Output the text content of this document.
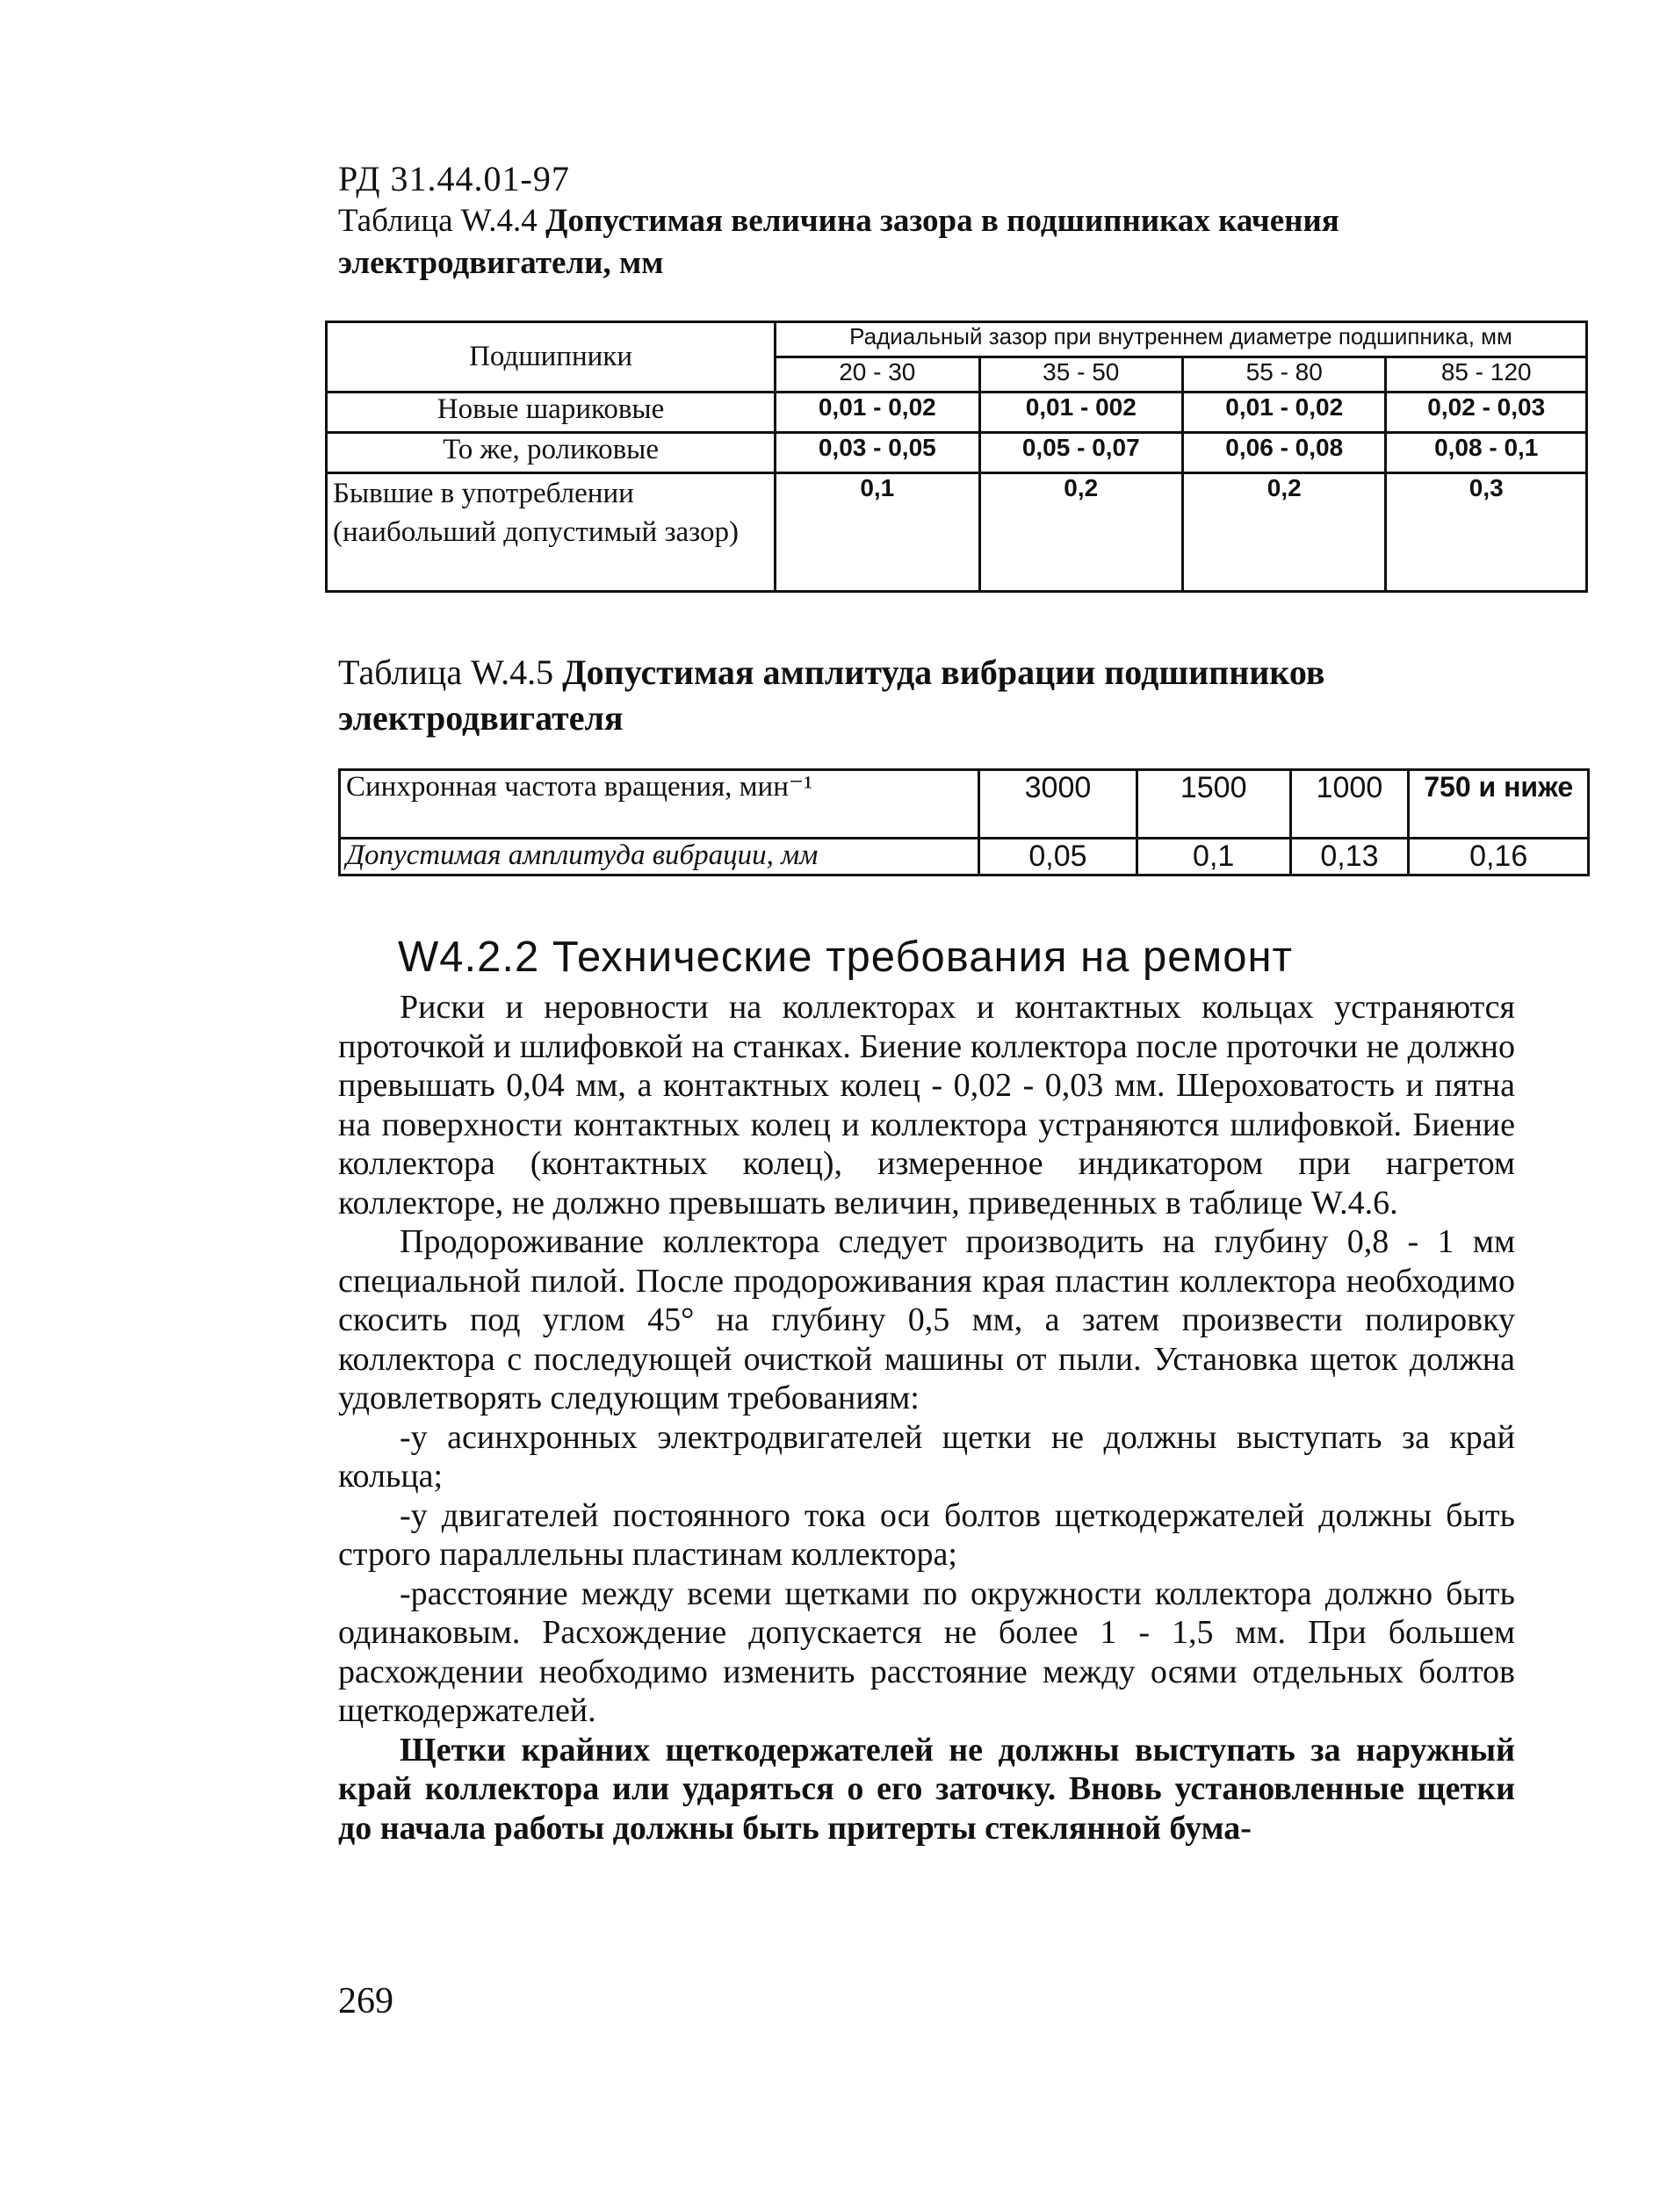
РД 31.44.01-97
Таблица W.4.4 Допустимая величина зазора в подшипниках качения электродвигатели, мм
Подшипники	Радиальный зазор при внутреннем диаметре подшипника, мм			
	20 - 30	35 - 50	55 - 80	85 - 120
Новые шариковые	0,01 - 0,02	0,01 - 002	0,01 - 0,02	0,02 - 0,03
То же, роликовые	0,03 - 0,05	0,05 - 0,07	0,06 - 0,08	0,08 - 0,1
Бывшие в употреблении (наибольший допустимый зазор)	0,1	0,2	0,2	0,3
Таблица W.4.5 Допустимая амплитуда вибрации подшипников электродвигателя
Синхронная частота вращения, мин⁻¹	3000	1500	1000	750 и ниже
Допустимая амплитуда вибрации, мм	0,05	0,1	0,13	0,16
W4.2.2 Технические требования на ремонт

Риски и неровности на коллекторах и контактных кольцах устраняются проточкой и шлифовкой на станках. Биение коллектора после проточки не должно превышать 0,04 мм, а контактных колец - 0,02 - 0,03 мм. Шероховатость и пятна на поверхности контактных колец и коллектора устраняются шлифовкой. Биение коллектора (контактных колец), измеренное индикатором при нагретом коллекторе, не должно превышать величин, приведенных в таблице W.4.6.

Продороживание коллектора следует производить на глубину 0,8 - 1 мм специальной пилой. После продороживания края пластин коллектора необходимо скосить под углом 45° на глубину 0,5 мм, а затем произвести полировку коллектора с последующей очисткой машины от пыли. Установка щеток должна удовлетворять следующим требованиям:

-у асинхронных электродвигателей щетки не должны выступать за край кольца;

-у двигателей постоянного тока оси болтов щеткодержателей должны быть строго параллельны пластинам коллектора;

-расстояние между всеми щетками по окружности коллектора должно быть одинаковым. Расхождение допускается не более 1 - 1,5 мм. При большем расхождении необходимо изменить расстояние между осями отдельных болтов щеткодержателей.

Щетки крайних щеткодержателей не должны выступать за наружный край коллектора или ударяться о его заточку. Вновь установленные щетки до начала работы должны быть притерты стеклянной бума-

269
